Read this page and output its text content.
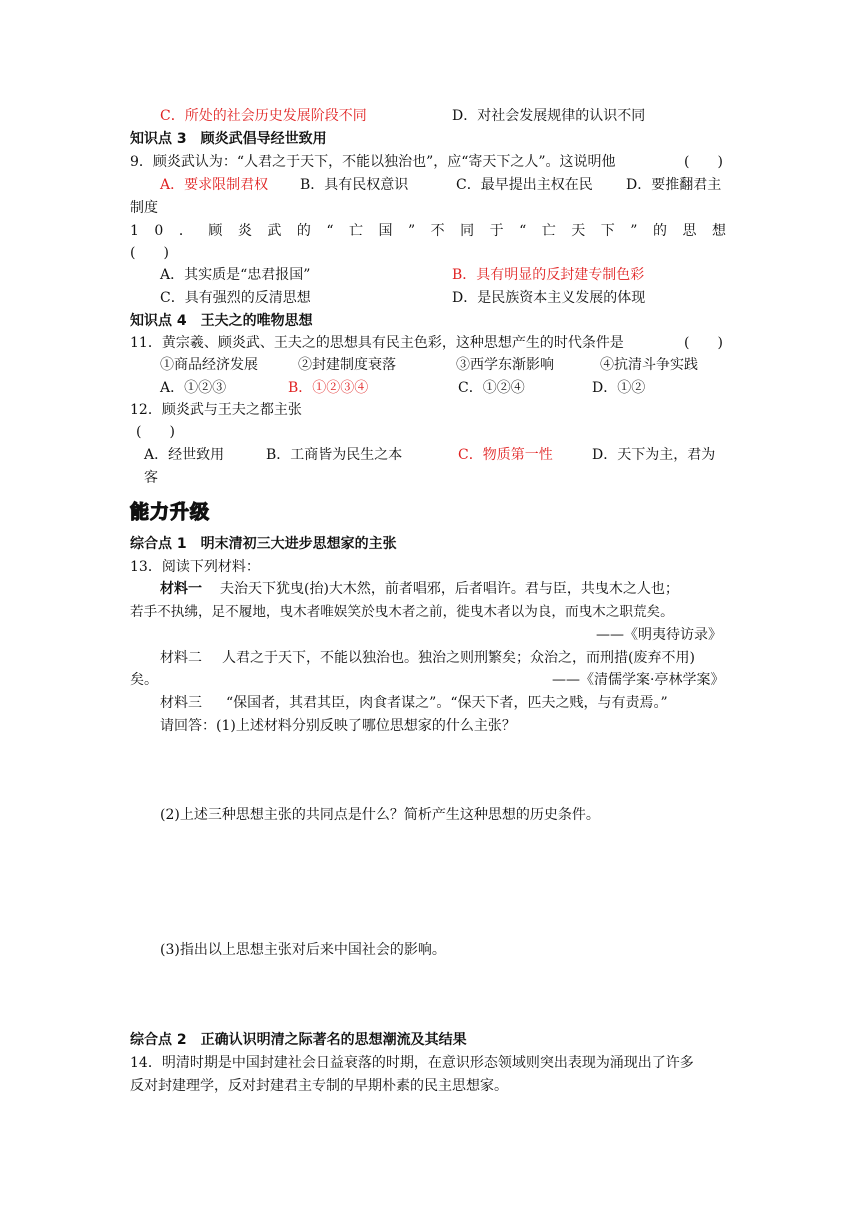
C．所处的社会历史发展阶段不同	D．对社会发展规律的认识不同
知识点 3　顾炎武倡导经世致用
9．顾炎武认为：“人君之于天下，不能以独治也”，应“寄天下之人”。这说明他	(　　)
A．要求限制君权 B．具有民权意识	C．最早提出主权在民 D．要推翻君主
制度
10．顾炎武的“亡国”不同于“亡天下”的思想
(　　)
A．其实质是“忠君报国”	B．具有明显的反封建专制色彩
C．具有强烈的反清思想	D．是民族资本主义发展的体现
知识点 4　王夫之的唯物思想
11．黄宗羲、顾炎武、王夫之的思想具有民主色彩，这种思想产生的时代条件是	(　　)
①商品经济发展	②封建制度衰落	③西学东渐影响	④抗清斗争实践
A．①②③	B．①②③④	C．①②④	D．①②
12．顾炎武与王夫之都主张
(　　)
A．经世致用	B．工商皆为民生之本	C．物质第一性	D．天下为主，君为
客
能力升级
综合点 1　明末清初三大进步思想家的主张
13．阅读下列材料：
材料一 夫治天下犹曳(抬)大木然，前者唱邪，后者唱许。君与臣，共曳木之人也；
若手不执绋，足不履地，曳木者唯娱笑於曳木者之前，徙曳木者以为良，而曳木之职荒矣。
——《明夷待访录》
材料二 人君之于天下，不能以独治也。独治之则刑繁矣；众治之，而刑措(废弃不用)
矣。	——《清儒学案·亭林学案》
材料三 “保国者，其君其臣，肉食者谋之”。“保天下者，匹夫之贱，与有责焉。”
请回答：(1)上述材料分别反映了哪位思想家的什么主张？
(2)上述三种思想主张的共同点是什么？简析产生这种思想的历史条件。
(3)指出以上思想主张对后来中国社会的影响。
综合点 2　正确认识明清之际著名的思想潮流及其结果
14．明清时期是中国封建社会日益衰落的时期，在意识形态领域则突出表现为涌现出了许多
反对封建理学，反对封建君主专制的早期朴素的民主思想家。
